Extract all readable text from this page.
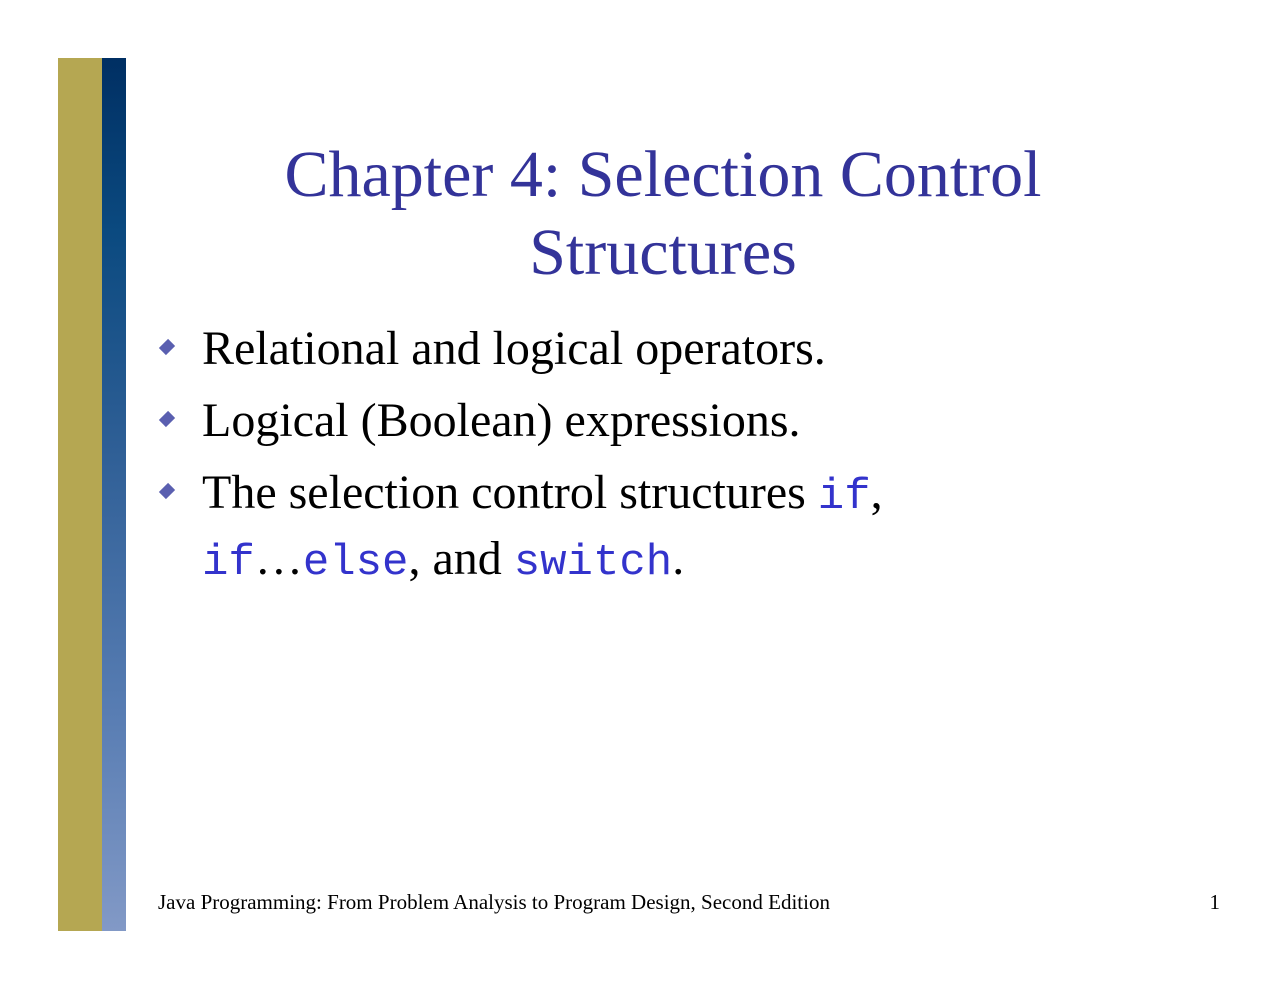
Chapter 4: Selection Control
Structures
Relational and logical operators.
Logical (Boolean) expressions.
The selection control structures if,
if…else, and switch.
Java Programming: From Problem Analysis to Program Design, Second Edition	1
